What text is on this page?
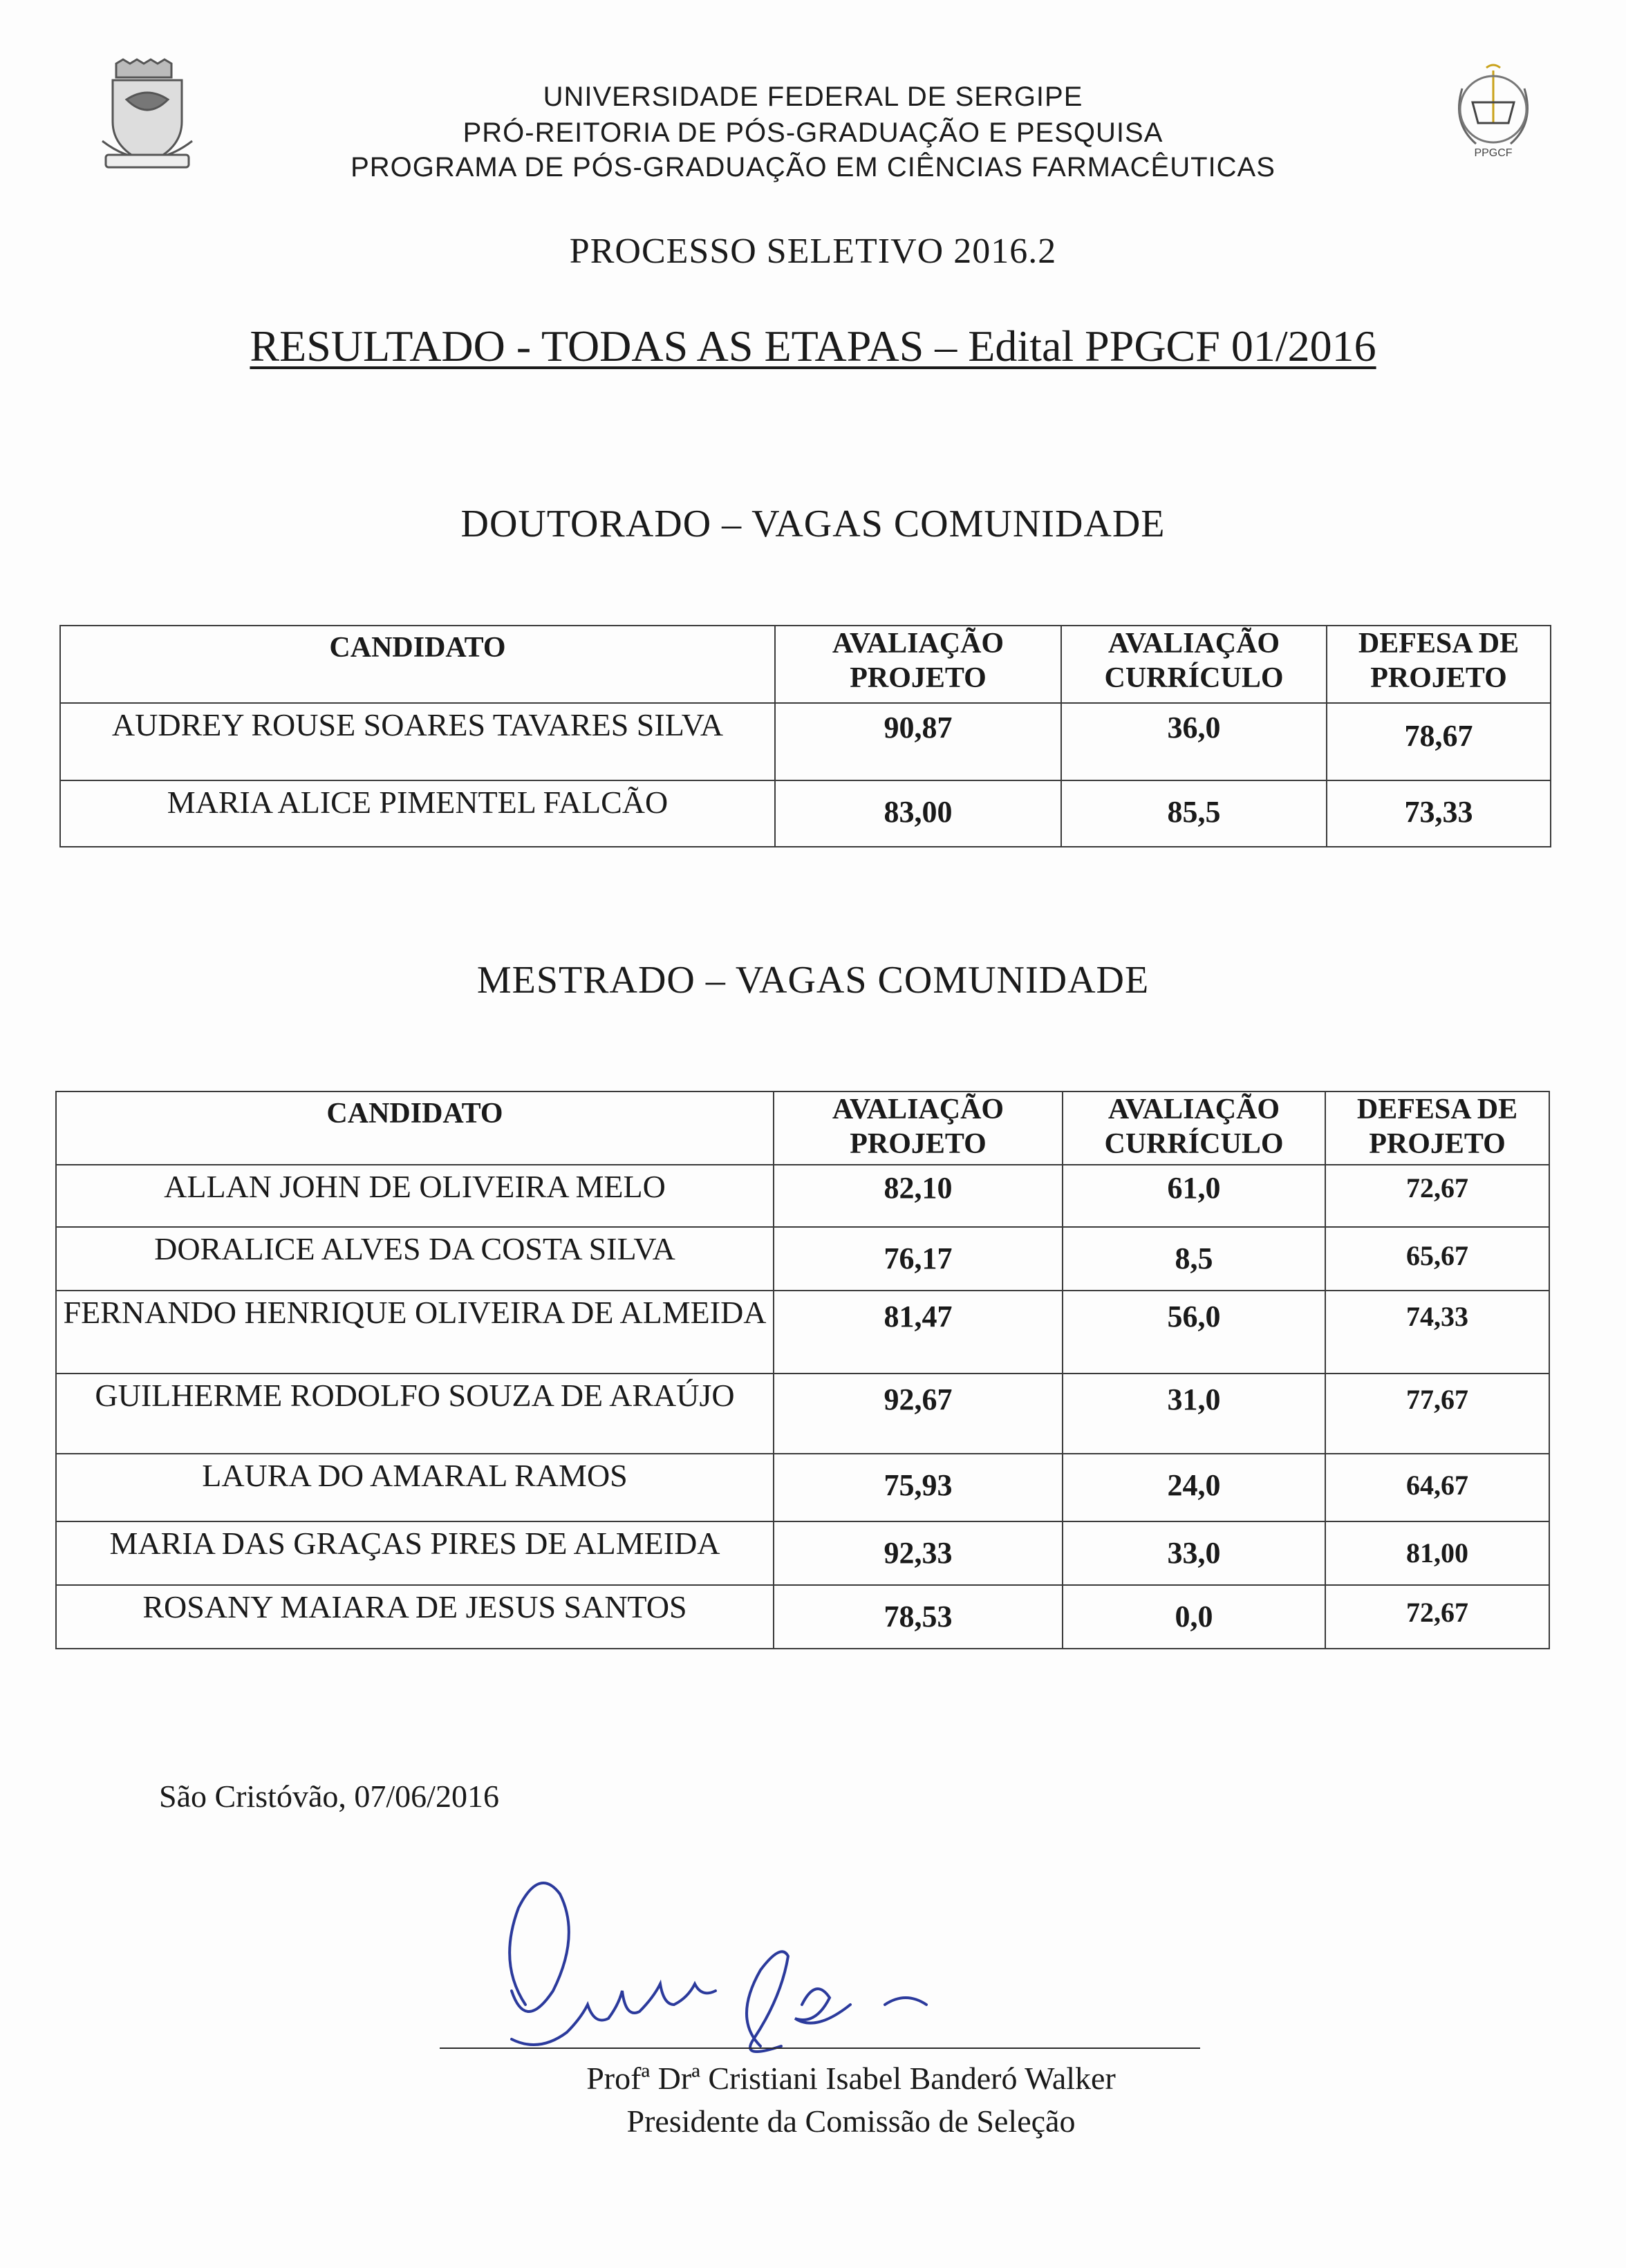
PPGCF
UNIVERSIDADE FEDERAL DE SERGIPE
PRÓ-REITORIA DE PÓS-GRADUAÇÃO E PESQUISA
PROGRAMA DE PÓS-GRADUAÇÃO EM CIÊNCIAS FARMACÊUTICAS
PROCESSO SELETIVO 2016.2
RESULTADO - TODAS AS ETAPAS – Edital PPGCF 01/2016
DOUTORADO – VAGAS COMUNIDADE
CANDIDATO	AVALIAÇÃO PROJETO	AVALIAÇÃO CURRÍCULO	DEFESA DE PROJETO
AUDREY ROUSE SOARES TAVARES SILVA	90,87	36,0	78,67
MARIA ALICE PIMENTEL FALCÃO	83,00	85,5	73,33
MESTRADO – VAGAS COMUNIDADE
CANDIDATO	AVALIAÇÃO PROJETO	AVALIAÇÃO CURRÍCULO	DEFESA DE PROJETO
ALLAN JOHN DE OLIVEIRA MELO	82,10	61,0	72,67
DORALICE ALVES DA COSTA SILVA	76,17	8,5	65,67
FERNANDO HENRIQUE OLIVEIRA DE ALMEIDA	81,47	56,0	74,33
GUILHERME RODOLFO SOUZA DE ARAÚJO	92,67	31,0	77,67
LAURA DO AMARAL RAMOS	75,93	24,0	64,67
MARIA DAS GRAÇAS PIRES DE ALMEIDA	92,33	33,0	81,00
ROSANY MAIARA DE JESUS SANTOS	78,53	0,0	72,67
São Cristóvão, 07/06/2016
Profª Drª Cristiani Isabel Banderó Walker
Presidente da Comissão de Seleção
